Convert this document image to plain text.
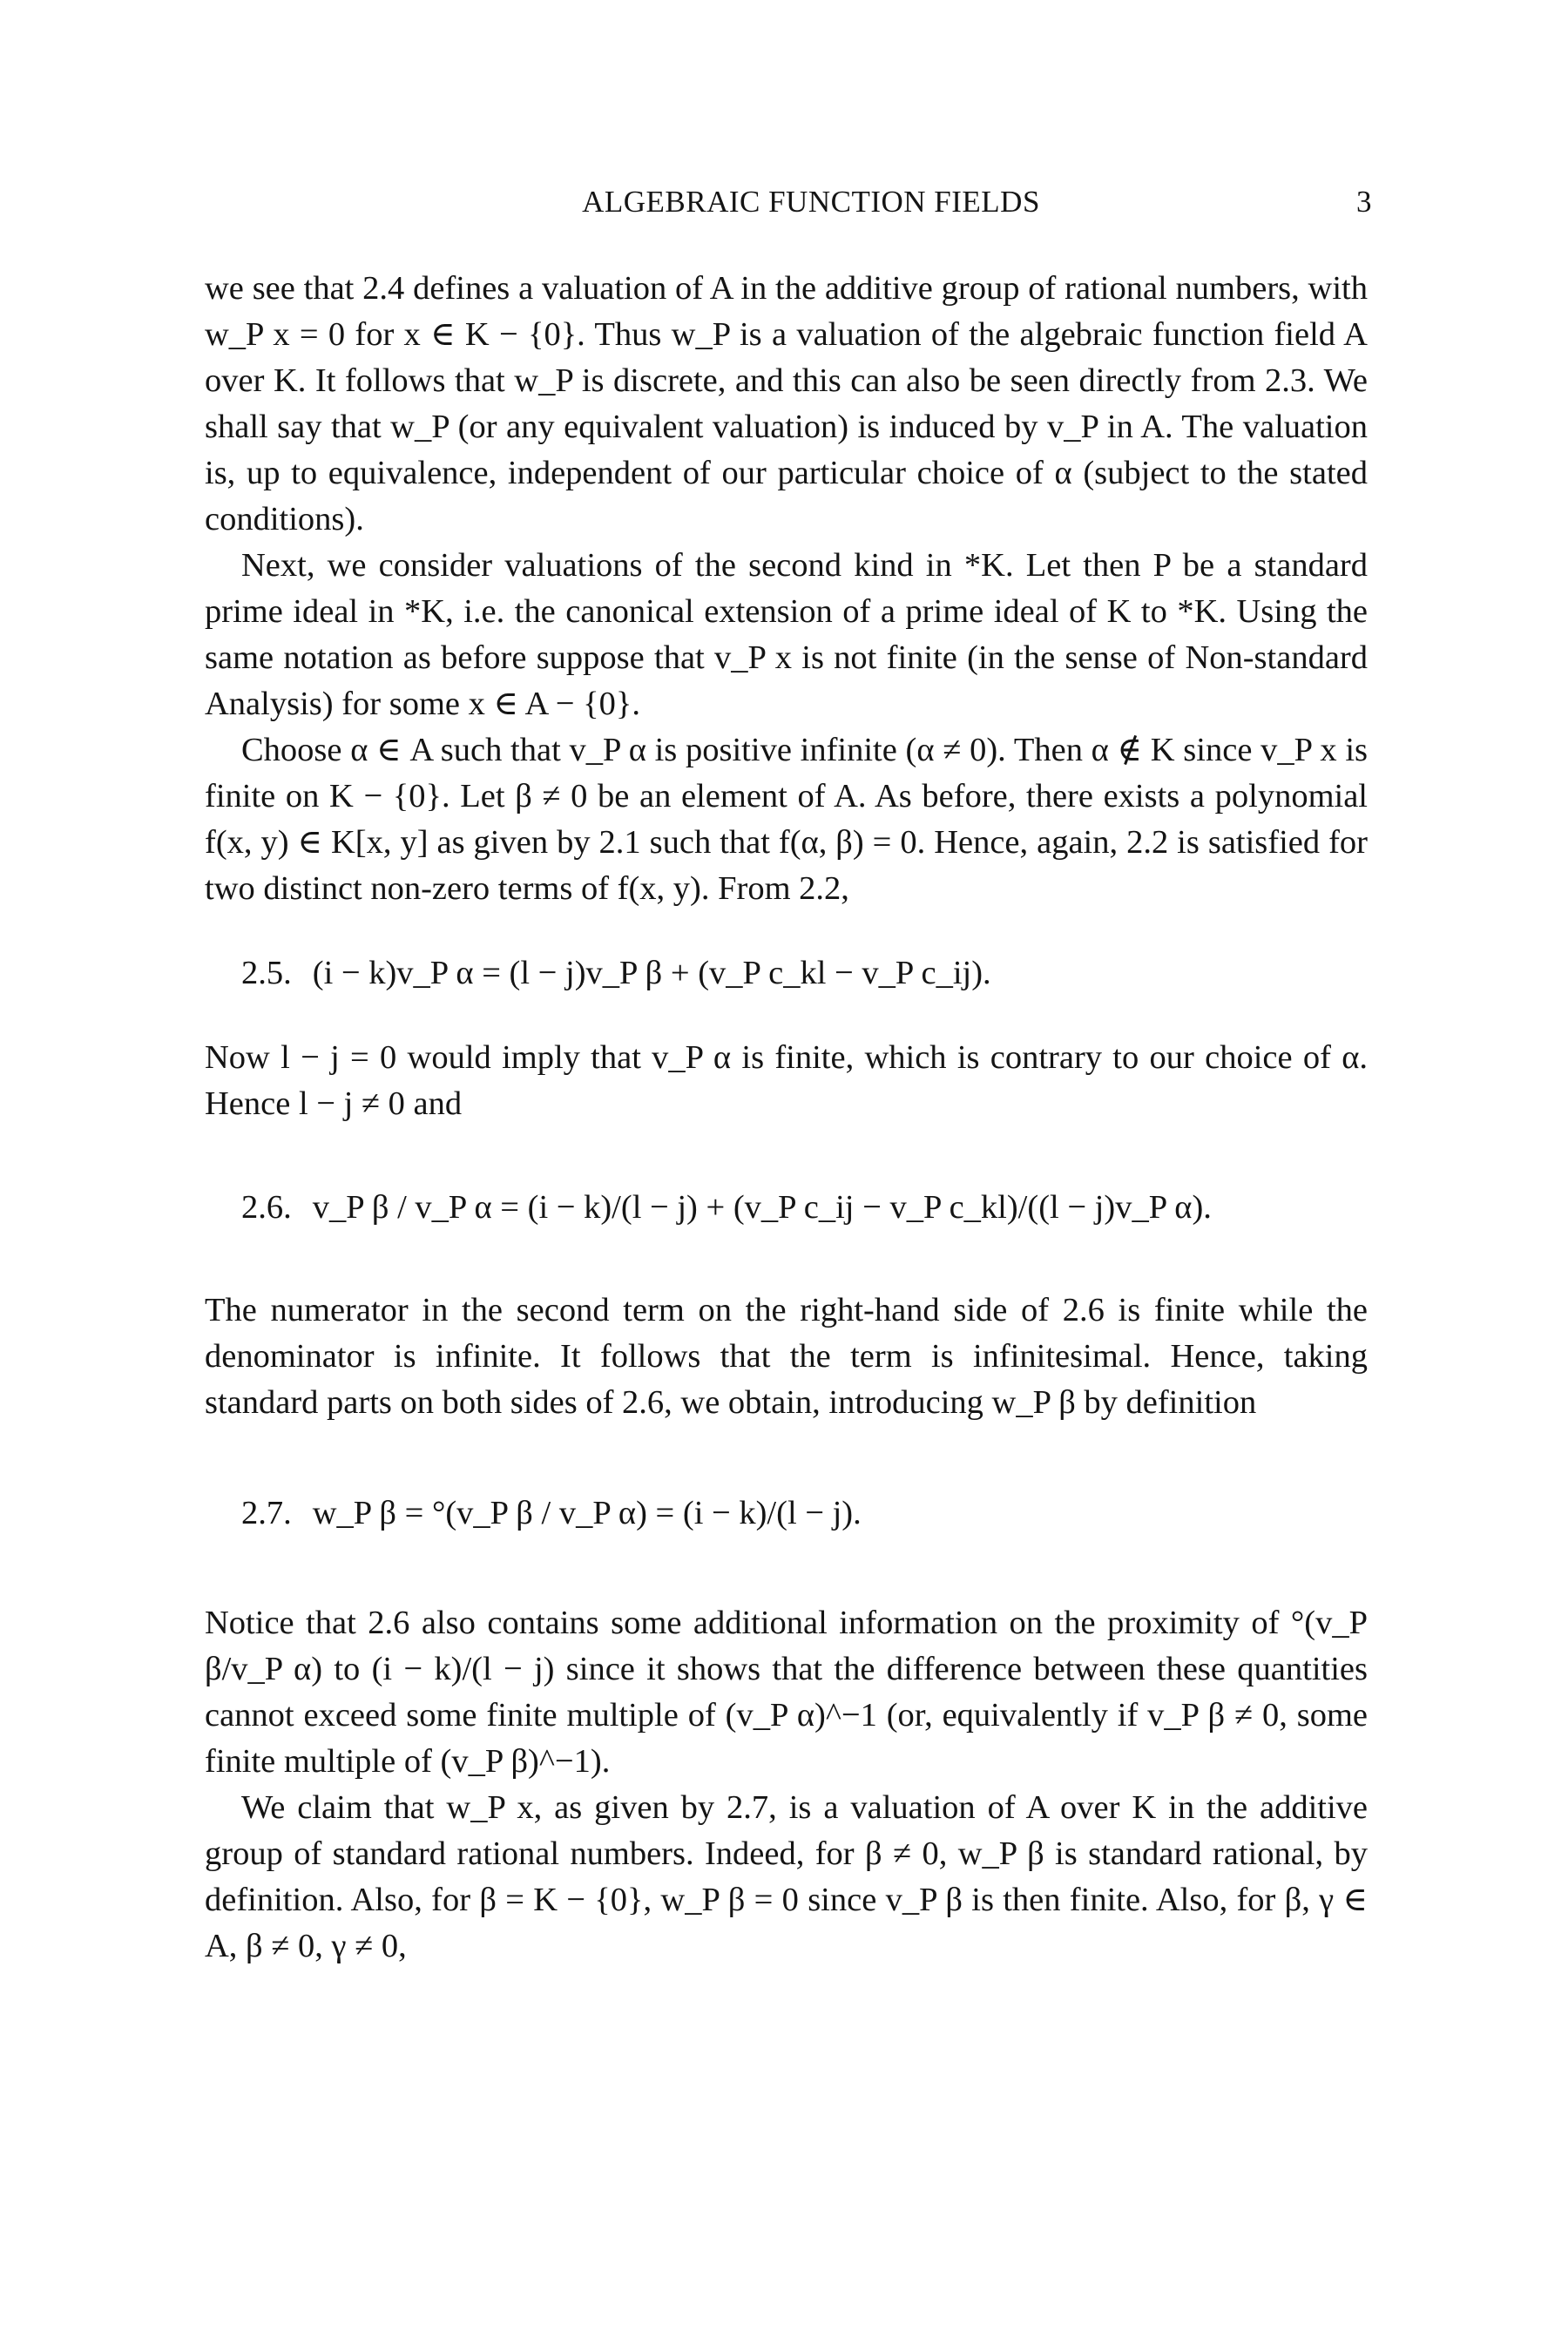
ALGEBRAIC FUNCTION FIELDS	3

we see that 2.4 defines a valuation of A in the additive group of rational numbers, with w_P x = 0 for x ∈ K − {0}. Thus w_P is a valuation of the algebraic function field A over K. It follows that w_P is discrete, and this can also be seen directly from 2.3. We shall say that w_P (or any equivalent valuation) is induced by v_P in A. The valuation is, up to equivalence, independent of our particular choice of α (subject to the stated conditions).

Next, we consider valuations of the second kind in *K. Let then P be a standard prime ideal in *K, i.e. the canonical extension of a prime ideal of K to *K. Using the same notation as before suppose that v_P x is not finite (in the sense of Non-standard Analysis) for some x ∈ A − {0}.

Choose α ∈ A such that v_P α is positive infinite (α ≠ 0). Then α ∉ K since v_P x is finite on K − {0}. Let β ≠ 0 be an element of A. As before, there exists a polynomial f(x, y) ∈ K[x, y] as given by 2.1 such that f(α, β) = 0. Hence, again, 2.2 is satisfied for two distinct non-zero terms of f(x, y). From 2.2,

2.5. (i − k)v_P α = (l − j)v_P β + (v_P c_kl − v_P c_ij).

Now l − j = 0 would imply that v_P α is finite, which is contrary to our choice of α. Hence l − j ≠ 0 and

2.6. v_P β / v_P α = (i − k)/(l − j) + (v_P c_ij − v_P c_kl)/((l − j)v_P α).

The numerator in the second term on the right-hand side of 2.6 is finite while the denominator is infinite. It follows that the term is infinitesimal. Hence, taking standard parts on both sides of 2.6, we obtain, introducing w_P β by definition

2.7. w_P β = °(v_P β / v_P α) = (i − k)/(l − j).

Notice that 2.6 also contains some additional information on the proximity of °(v_P β/v_P α) to (i − k)/(l − j) since it shows that the difference between these quantities cannot exceed some finite multiple of (v_P α)^−1 (or, equivalently if v_P β ≠ 0, some finite multiple of (v_P β)^−1).

We claim that w_P x, as given by 2.7, is a valuation of A over K in the additive group of standard rational numbers. Indeed, for β ≠ 0, w_P β is standard rational, by definition. Also, for β = K − {0}, w_P β = 0 since v_P β is then finite. Also, for β, γ ∈ A, β ≠ 0, γ ≠ 0,
